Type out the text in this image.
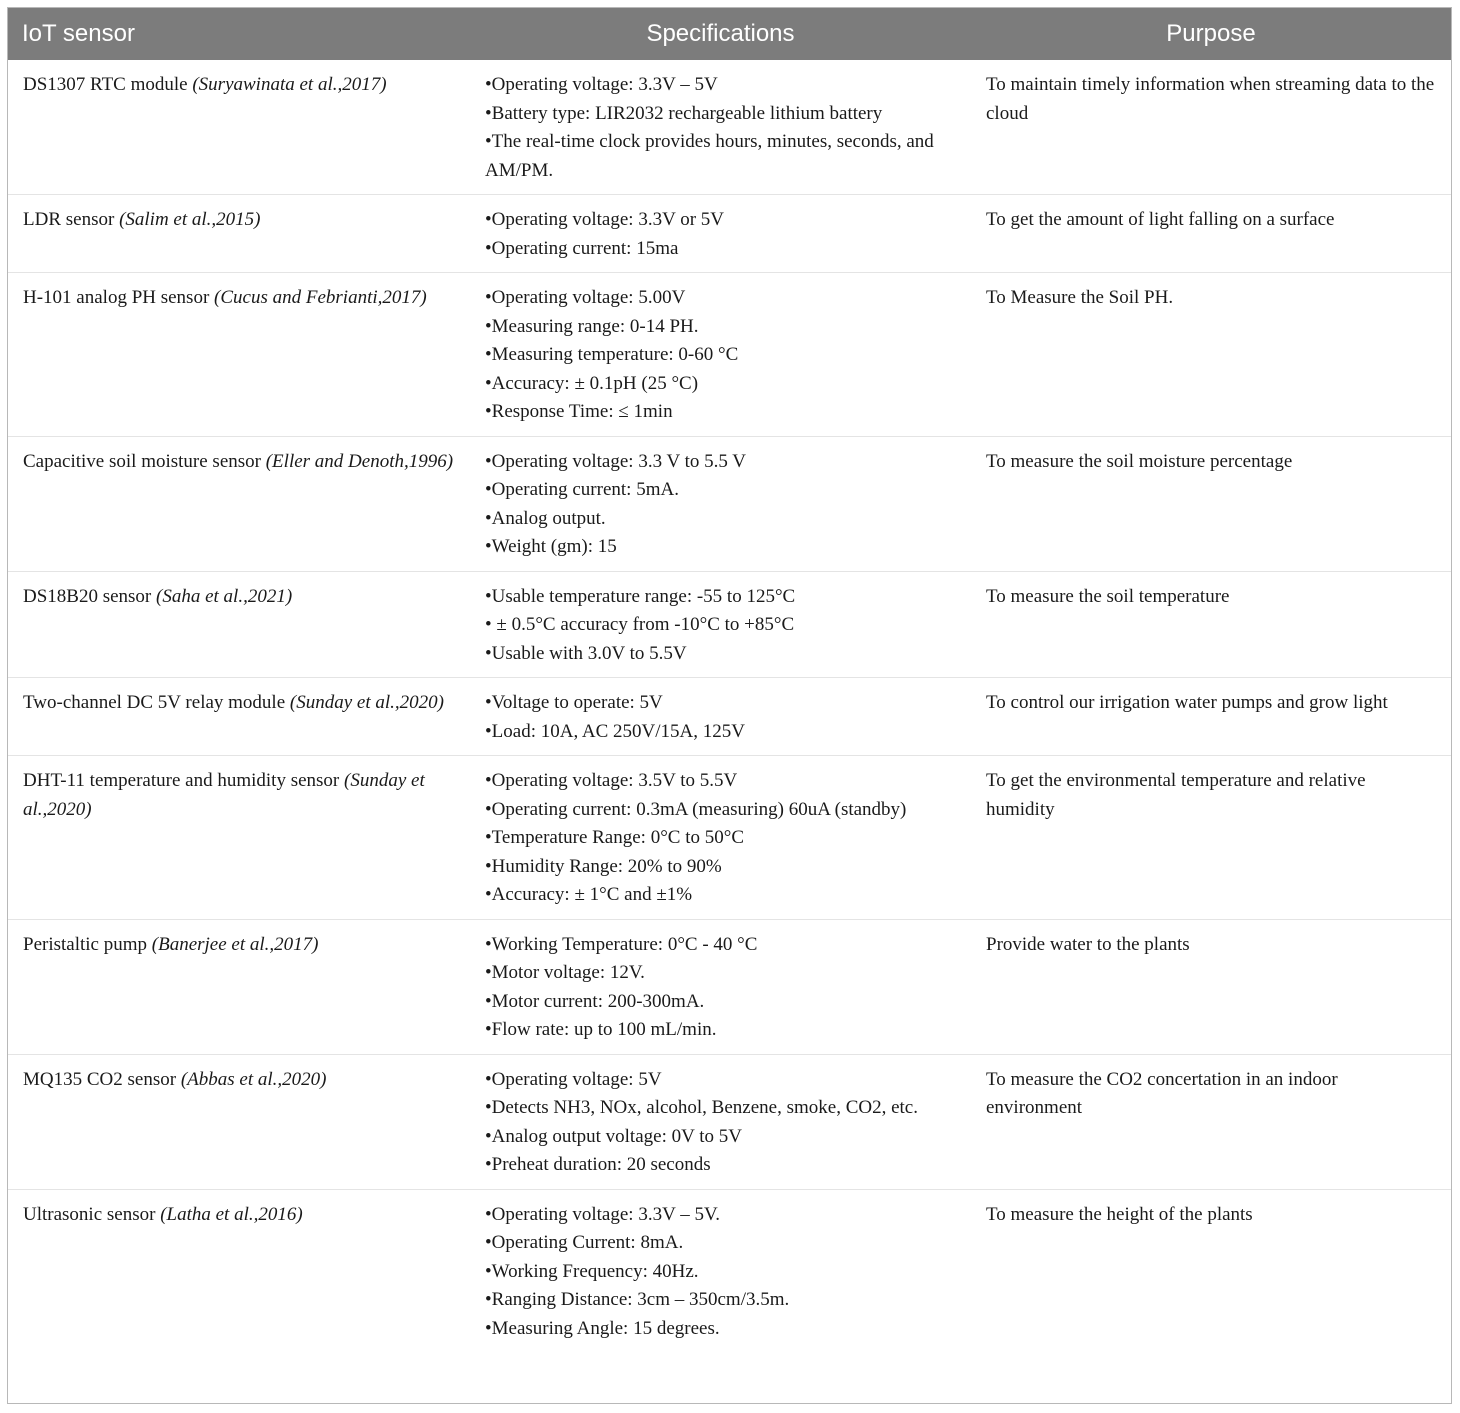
IoT sensor	Specifications	Purpose
DS1307 RTC module (Suryawinata et al.,2017)	•Operating voltage: 3.3V – 5V
•Battery type: LIR2032 rechargeable lithium battery
•The real-time clock provides hours, minutes, seconds, and AM/PM.	To maintain timely information when streaming data to the cloud
LDR sensor (Salim et al.,2015)	•Operating voltage: 3.3V or 5V
•Operating current: 15ma	To get the amount of light falling on a surface
H-101 analog PH sensor (Cucus and Febrianti,2017)	•Operating voltage: 5.00V
•Measuring range: 0-14 PH.
•Measuring temperature: 0-60 °C
•Accuracy: ± 0.1pH (25 °C)
•Response Time: ≤ 1min	To Measure the Soil PH.
Capacitive soil moisture sensor (Eller and Denoth,1996)	•Operating voltage: 3.3 V to 5.5 V
•Operating current: 5mA.
•Analog output.
•Weight (gm): 15	To measure the soil moisture percentage
DS18B20 sensor (Saha et al.,2021)	•Usable temperature range: -55 to 125°C
• ± 0.5°C accuracy from -10°C to +85°C
•Usable with 3.0V to 5.5V	To measure the soil temperature
Two-channel DC 5V relay module (Sunday et al.,2020)	•Voltage to operate: 5V
•Load: 10A, AC 250V/15A, 125V	To control our irrigation water pumps and grow light
DHT-11 temperature and humidity sensor (Sunday et al.,2020)	•Operating voltage: 3.5V to 5.5V
•Operating current: 0.3mA (measuring) 60uA (standby)
•Temperature Range: 0°C to 50°C
•Humidity Range: 20% to 90%
•Accuracy: ± 1°C and ±1%	To get the environmental temperature and relative humidity
Peristaltic pump (Banerjee et al.,2017)	•Working Temperature: 0°C - 40 °C
•Motor voltage: 12V.
•Motor current: 200-300mA.
•Flow rate: up to 100 mL/min.	Provide water to the plants
MQ135 CO2 sensor (Abbas et al.,2020)	•Operating voltage: 5V
•Detects NH3, NOx, alcohol, Benzene, smoke, CO2, etc.
•Analog output voltage: 0V to 5V
•Preheat duration: 20 seconds	To measure the CO2 concertation in an indoor environment
Ultrasonic sensor (Latha et al.,2016)	•Operating voltage: 3.3V – 5V.
•Operating Current: 8mA.
•Working Frequency: 40Hz.
•Ranging Distance: 3cm – 350cm/3.5m.
•Measuring Angle: 15 degrees.	To measure the height of the plants
